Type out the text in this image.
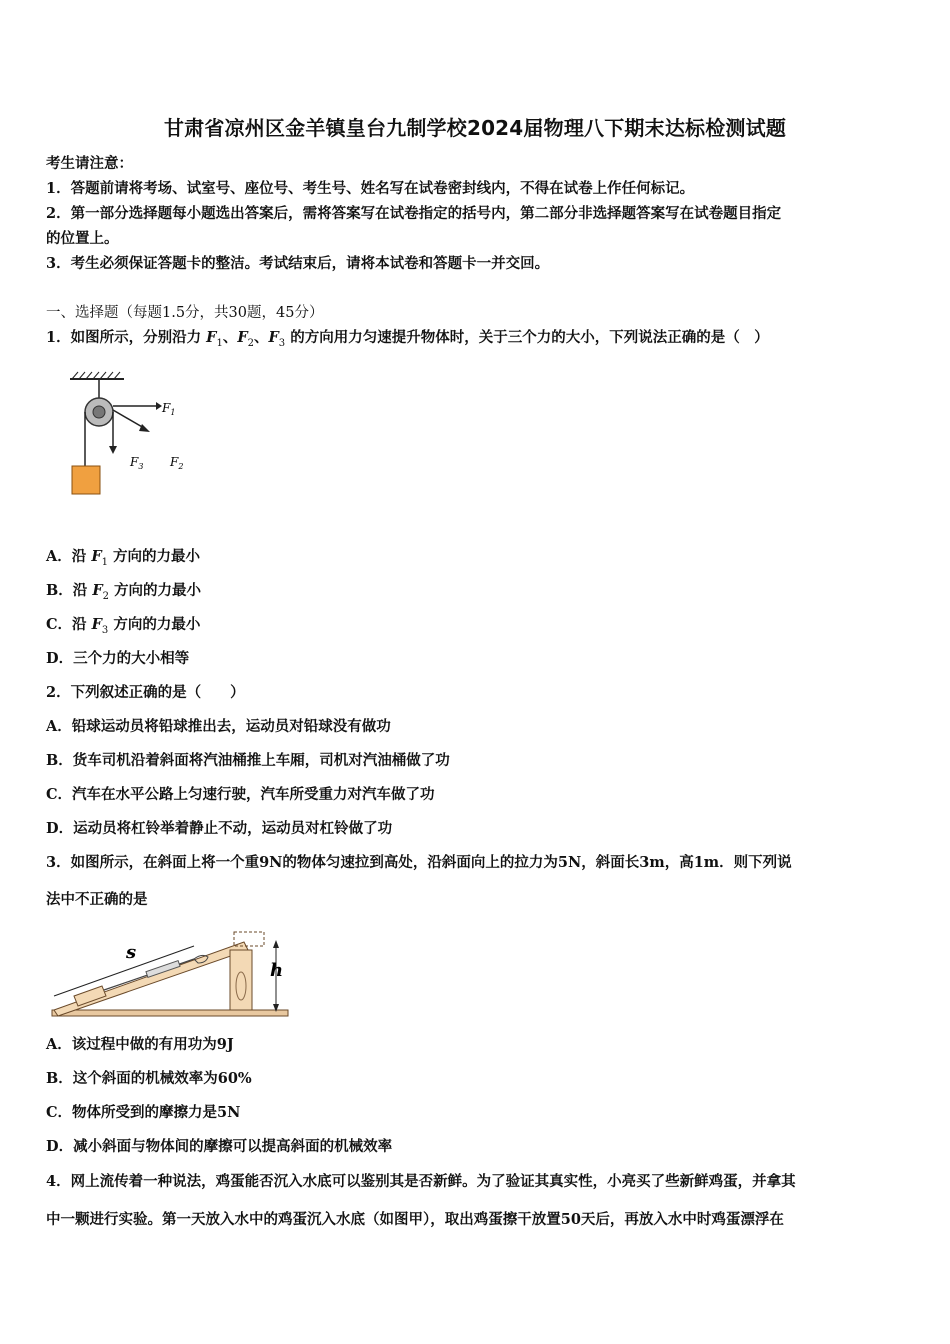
甘肃省凉州区金羊镇皇台九制学校2024届物理八下期末达标检测试题
考生请注意：
1．答题前请将考场、试室号、座位号、考生号、姓名写在试卷密封线内，不得在试卷上作任何标记。
2．第一部分选择题每小题选出答案后，需将答案写在试卷指定的括号内，第二部分非选择题答案写在试卷题目指定
的位置上。
3．考生必须保证答题卡的整洁。考试结束后，请将本试卷和答题卡一并交回。
一、选择题（每题1.5分，共30题，45分）
1．如图所示，分别沿力 $F_1$、$F_2$、$F_3$ 的方向用力匀速提升物体时，关于三个力的大小，下列说法正确的是（　）
$F_1$
$F_2$
$F_3$
A．沿 $F_1$ 方向的力最小
B．沿 $F_2$ 方向的力最小
C．沿 $F_3$ 方向的力最小
D．三个力的大小相等
2．下列叙述正确的是（　　）
A．铅球运动员将铅球推出去，运动员对铅球没有做功
B．货车司机沿着斜面将汽油桶推上车厢，司机对汽油桶做了功
C．汽车在水平公路上匀速行驶，汽车所受重力对汽车做了功
D．运动员将杠铃举着静止不动，运动员对杠铃做了功
3．如图所示，在斜面上将一个重9N的物体匀速拉到高处，沿斜面向上的拉力为5N，斜面长3m，高1m．则下列说
法中不正确的是
s
h
A．该过程中做的有用功为9J
B．这个斜面的机械效率为60%
C．物体所受到的摩擦力是5N
D．减小斜面与物体间的摩擦可以提高斜面的机械效率
4．网上流传着一种说法，鸡蛋能否沉入水底可以鉴别其是否新鲜。为了验证其真实性，小亮买了些新鲜鸡蛋，并拿其
中一颗进行实验。第一天放入水中的鸡蛋沉入水底（如图甲），取出鸡蛋擦干放置50天后，再放入水中时鸡蛋漂浮在
